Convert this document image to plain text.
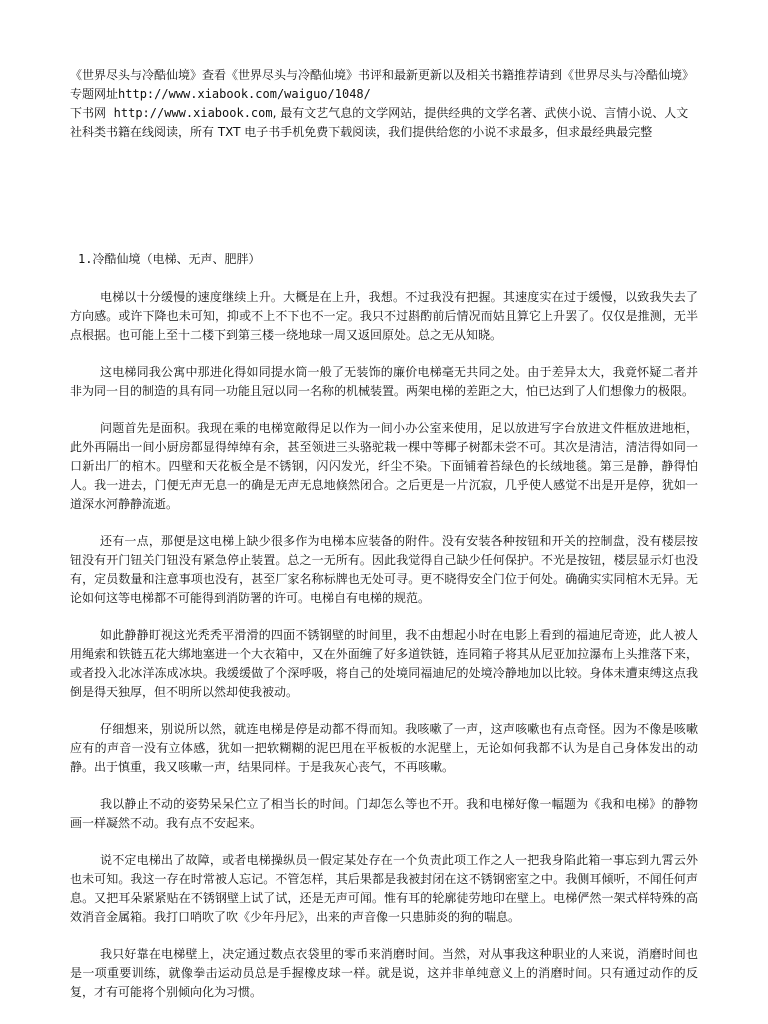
《世界尽头与冷酷仙境》查看《世界尽头与冷酷仙境》书评和最新更新以及相关书籍推荐请到《世界尽头与冷酷仙境》专题网址http://www.xiabook.com/waiguo/1048/

下书网 http://www.xiabook.com, 最有文艺气息的文学网站，提供经典的文学名著、武侠小说、言情小说、人文社科类书籍在线阅读，所有 TXT 电子书手机免费下载阅读，我们提供给您的小说不求最多，但求最经典最完整

1.冷酷仙境（电梯、无声、肥胖）

电梯以十分缓慢的速度继续上升。大概是在上升，我想。不过我没有把握。其速度实在过于缓慢，以致我失去了方向感。或许下降也未可知，抑或不上不下也不一定。我只不过斟酌前后情况而姑且算它上升罢了。仅仅是推测，无半点根据。也可能上至十二楼下到第三楼一绕地球一周又返回原处。总之无从知晓。

这电梯同我公寓中那进化得如同提水筒一般了无装饰的廉价电梯毫无共同之处。由于差异太大，我竟怀疑二者并非为同一目的制造的具有同一功能且冠以同一名称的机械装置。两架电梯的差距之大，怕已达到了人们想像力的极限。

问题首先是面积。我现在乘的电梯宽敞得足以作为一间小办公室来使用，足以放进写字台放进文件框放进地柜，此外再隔出一间小厨房都显得绰绰有余，甚至领进三头骆驼栽一棵中等椰子树都未尝不可。其次是清洁，清洁得如同一口新出厂的棺木。四壁和天花板全是不锈钢，闪闪发光，纤尘不染。下面铺着苔绿色的长绒地毯。第三是静，静得怕人。我一进去，门便无声无息一的确是无声无息地倏然闭合。之后更是一片沉寂，几乎使人感觉不出是开是停，犹如一道深水河静静流逝。

还有一点，那便是这电梯上缺少很多作为电梯本应装备的附件。没有安装各种按钮和开关的控制盘，没有楼层按钮没有开门钮关门钮没有紧急停止装置。总之一无所有。因此我觉得自己缺少任何保护。不光是按钮，楼层显示灯也没有，定员数量和注意事项也没有，甚至厂家名称标牌也无处可寻。更不晓得安全门位于何处。确确实实同棺木无异。无论如何这等电梯都不可能得到消防署的许可。电梯自有电梯的规范。

如此静静盯视这光秃秃平滑滑的四面不锈钢壁的时间里，我不由想起小时在电影上看到的福迪尼奇迹，此人被人用绳索和铁链五花大绑地塞进一个大衣箱中，又在外面缠了好多道铁链，连同箱子将其从尼亚加拉瀑布上头推落下来，或者投入北冰洋冻成冰块。我缓缓做了个深呼吸，将自己的处境同福迪尼的处境冷静地加以比较。身体未遭束缚这点我倒是得天独厚，但不明所以然却使我被动。

仔细想来，别说所以然，就连电梯是停是动都不得而知。我咳嗽了一声，这声咳嗽也有点奇怪。因为不像是咳嗽应有的声音一没有立体感，犹如一把软糊糊的泥巴甩在平板板的水泥壁上，无论如何我都不认为是自己身体发出的动静。出于慎重，我又咳嗽一声，结果同样。于是我灰心丧气，不再咳嗽。

我以静止不动的姿势呆呆伫立了相当长的时间。门却怎么等也不开。我和电梯好像一幅题为《我和电梯》的静物画一样凝然不动。我有点不安起来。

说不定电梯出了故障，或者电梯操纵员一假定某处存在一个负责此项工作之人一把我身陷此箱一事忘到九霄云外也未可知。我这一存在时常被人忘记。不管怎样，其后果都是我被封闭在这不锈钢密室之中。我侧耳倾听，不闻任何声息。又把耳朵紧紧贴在不锈钢壁上试了试，还是无声可闻。惟有耳的轮廓徒劳地印在壁上。电梯俨然一架式样特殊的高效消音金属箱。我打口哨吹了吹《少年丹尼》，出来的声音像一只患肺炎的狗的喘息。

我只好靠在电梯壁上，决定通过数点衣袋里的零币来消磨时间。当然，对从事我这种职业的人来说，消磨时间也是一项重要训练，就像拳击运动员总是手握橡皮球一样。就是说，这并非单纯意义上的消磨时间。只有通过动作的反复，才有可能将个别倾向化为习惯。
